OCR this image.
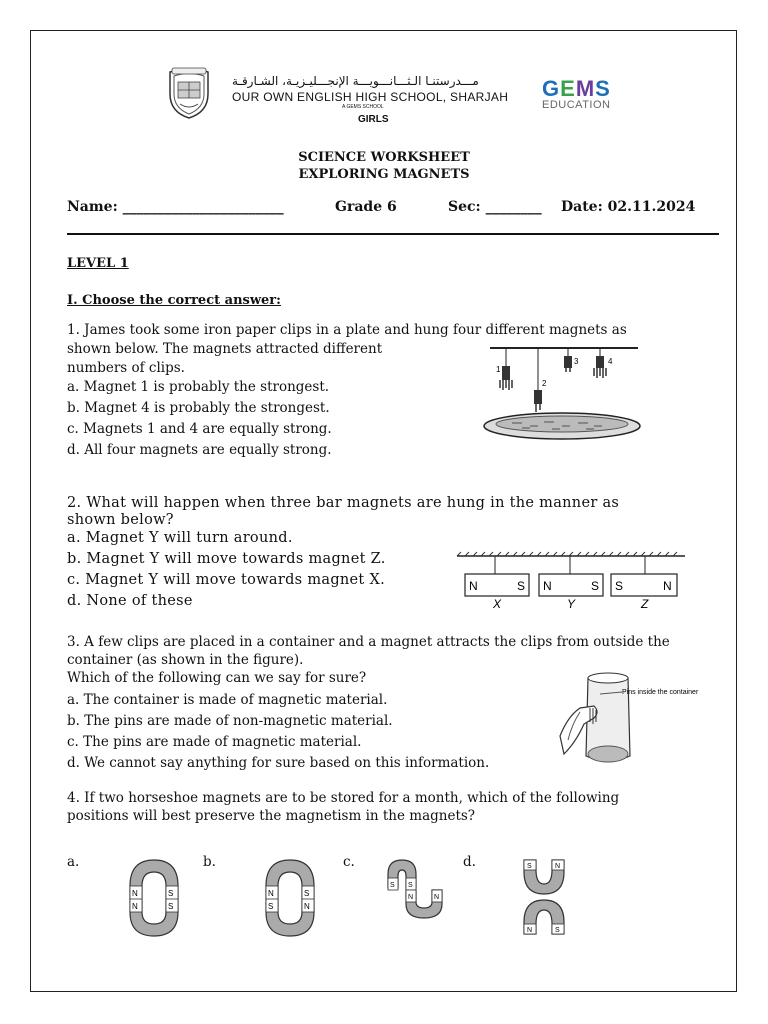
مـــدرستنـا الـثـــانـــويـــة الإنجـــليـزيـة، الشـارقـة
OUR OWN ENGLISH HIGH SCHOOL, SHARJAH
A GEMS SCHOOL
GIRLS
GEMS
EDUCATION
SCIENCE WORKSHEET
EXPLORING MAGNETS
Name: _______________________	Grade 6	Sec: ________ Date: 02.11.2024
LEVEL 1
I. Choose the correct answer:
1. James took some iron paper clips in a plate and hung four different magnets as
shown below. The magnets attracted different
numbers of clips.
a. Magnet 1 is probably the strongest.
b. Magnet 4 is probably the strongest.
c. Magnets 1 and 4 are equally strong.
d. All four magnets are equally strong.
1
2
3	4
2. What will happen when three bar magnets are hung in the manner as
shown below?
a. Magnet Y will turn around.
b. Magnet Y will move towards magnet Z.
c. Magnet Y will move towards magnet X.
d. None of these
N	S
X
N	S
Y
S	N
Z
3. A few clips are placed in a container and a magnet attracts the clips from outside the
container (as shown in the figure).
Which of the following can we say for sure?
a. The container is made of magnetic material.
b. The pins are made of non-magnetic material.
c. The pins are made of magnetic material.
d. We cannot say anything for sure based on this information.
Pins inside the container
4. If two horseshoe magnets are to be stored for a month, which of the following
positions will best preserve the magnetism in the magnets?
a.	b.	c.	d.
N
N
S
S
N
S
S
N
S S
N	N
S	N
N	S
